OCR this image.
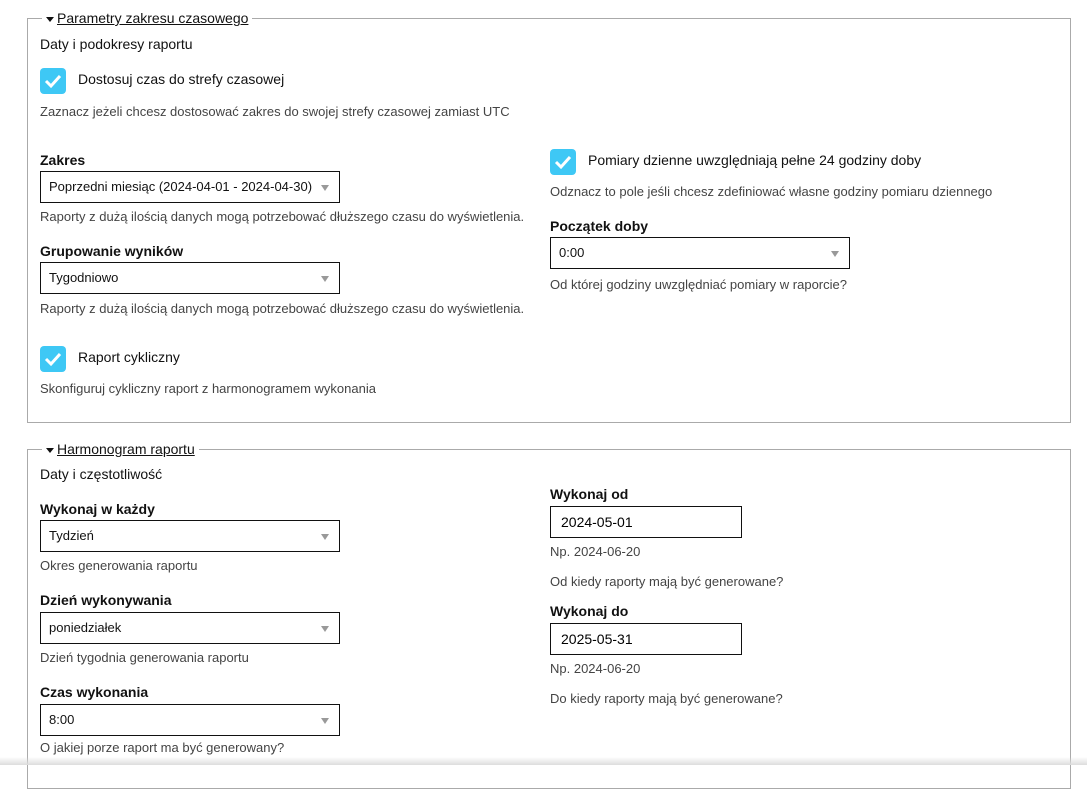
Parametry zakresu czasowego
Daty i podokresy raportu
Dostosuj czas do strefy czasowej
Zaznacz jeżeli chcesz dostosować zakres do swojej strefy czasowej zamiast UTC
Zakres
Poprzedni miesiąc (2024-04-01 - 2024-04-30)
Raporty z dużą ilością danych mogą potrzebować dłuższego czasu do wyświetlenia.
Grupowanie wyników
Tygodniowo
Raporty z dużą ilością danych mogą potrzebować dłuższego czasu do wyświetlenia.
Raport cykliczny
Skonfiguruj cykliczny raport z harmonogramem wykonania
Pomiary dzienne uwzględniają pełne 24 godziny doby
Odznacz to pole jeśli chcesz zdefiniować własne godziny pomiaru dziennego
Początek doby
0:00
Od której godziny uwzględniać pomiary w raporcie?
Harmonogram raportu
Daty i częstotliwość
Wykonaj w każdy
Tydzień
Okres generowania raportu
Dzień wykonywania
poniedziałek
Dzień tygodnia generowania raportu
Czas wykonania
8:00
O jakiej porze raport ma być generowany?
Wykonaj od
2024-05-01
Np. 2024-06-20
Od kiedy raporty mają być generowane?
Wykonaj do
2025-05-31
Np. 2024-06-20
Do kiedy raporty mają być generowane?
